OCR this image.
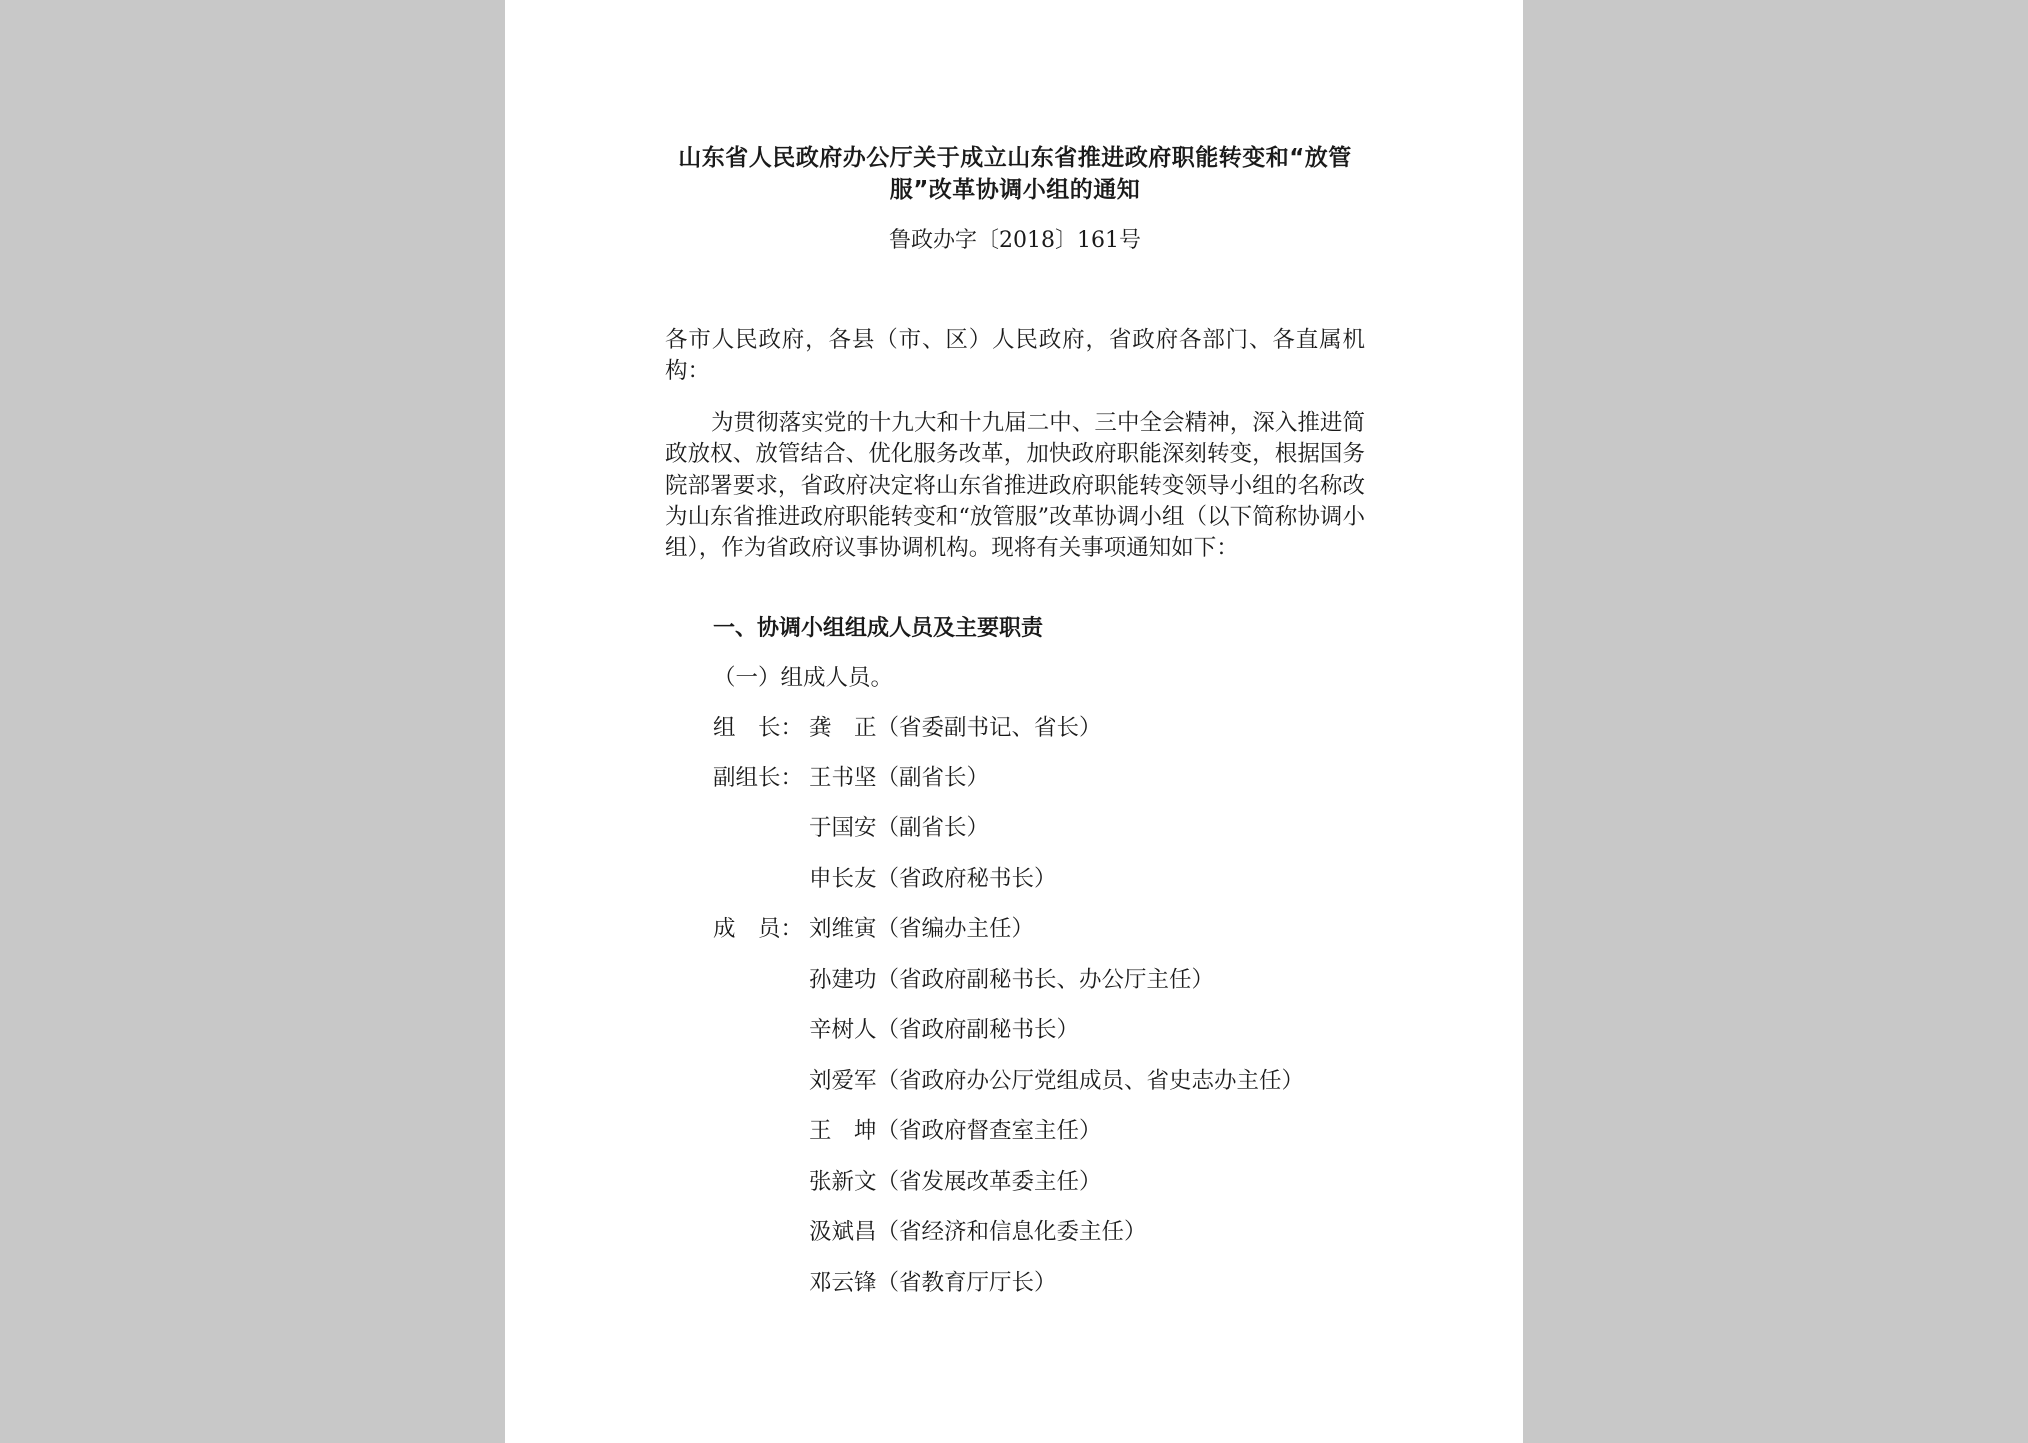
山东省人民政府办公厅关于成立山东省推进政府职能转变和“放管服”改革协调小组的通知
鲁政办字〔2018〕161号
各市人民政府，各县（市、区）人民政府，省政府各部门、各直属机构：
为贯彻落实党的十九大和十九届二中、三中全会精神，深入推进简政放权、放管结合、优化服务改革，加快政府职能深刻转变，根据国务院部署要求，省政府决定将山东省推进政府职能转变领导小组的名称改为山东省推进政府职能转变和“放管服”改革协调小组（以下简称协调小组），作为省政府议事协调机构。现将有关事项通知如下：
一、协调小组组成人员及主要职责
（一）组成人员。
组　长： 龚　正（省委副书记、省长）
副组长： 王书坚（副省长）
于国安（副省长）
申长友（省政府秘书长）
成　员： 刘维寅（省编办主任）
孙建功（省政府副秘书长、办公厅主任）
辛树人（省政府副秘书长）
刘爱军（省政府办公厅党组成员、省史志办主任）
王　坤（省政府督查室主任）
张新文（省发展改革委主任）
汲斌昌（省经济和信息化委主任）
邓云锋（省教育厅厅长）
